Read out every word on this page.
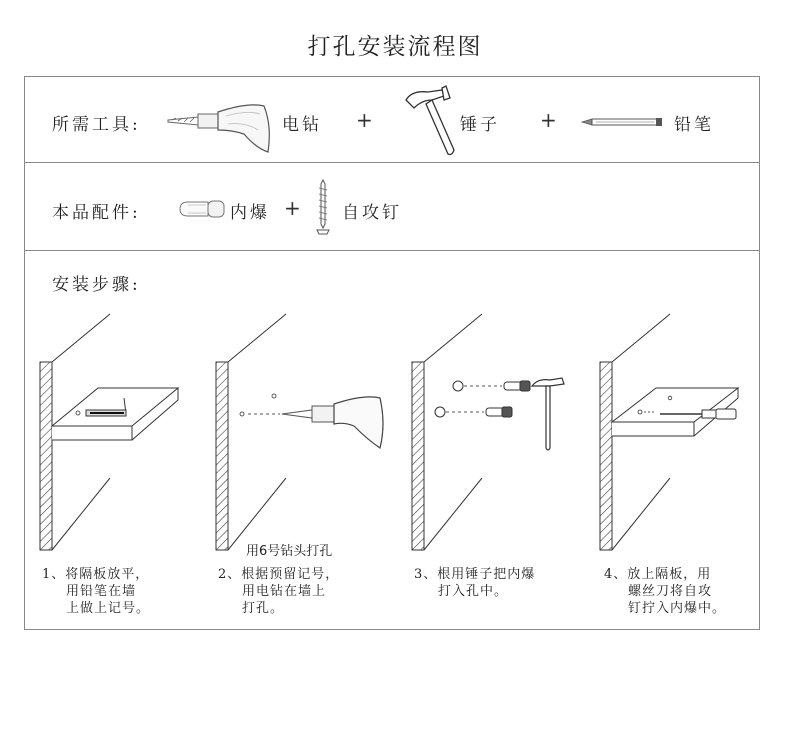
打孔安装流程图
所需工具:	电钻 +	锤子 +	铅笔
本品配件:	内爆 + 自攻钉
安装步骤:
用6号钻头打孔
1、将隔板放平，
用铅笔在墙
上做上记号。
2、根据预留记号，
用电钻在墙上
打孔。
3、根用锤子把内爆
打入孔中。
4、放上隔板，用
螺丝刀将自攻
钉拧入内爆中。
